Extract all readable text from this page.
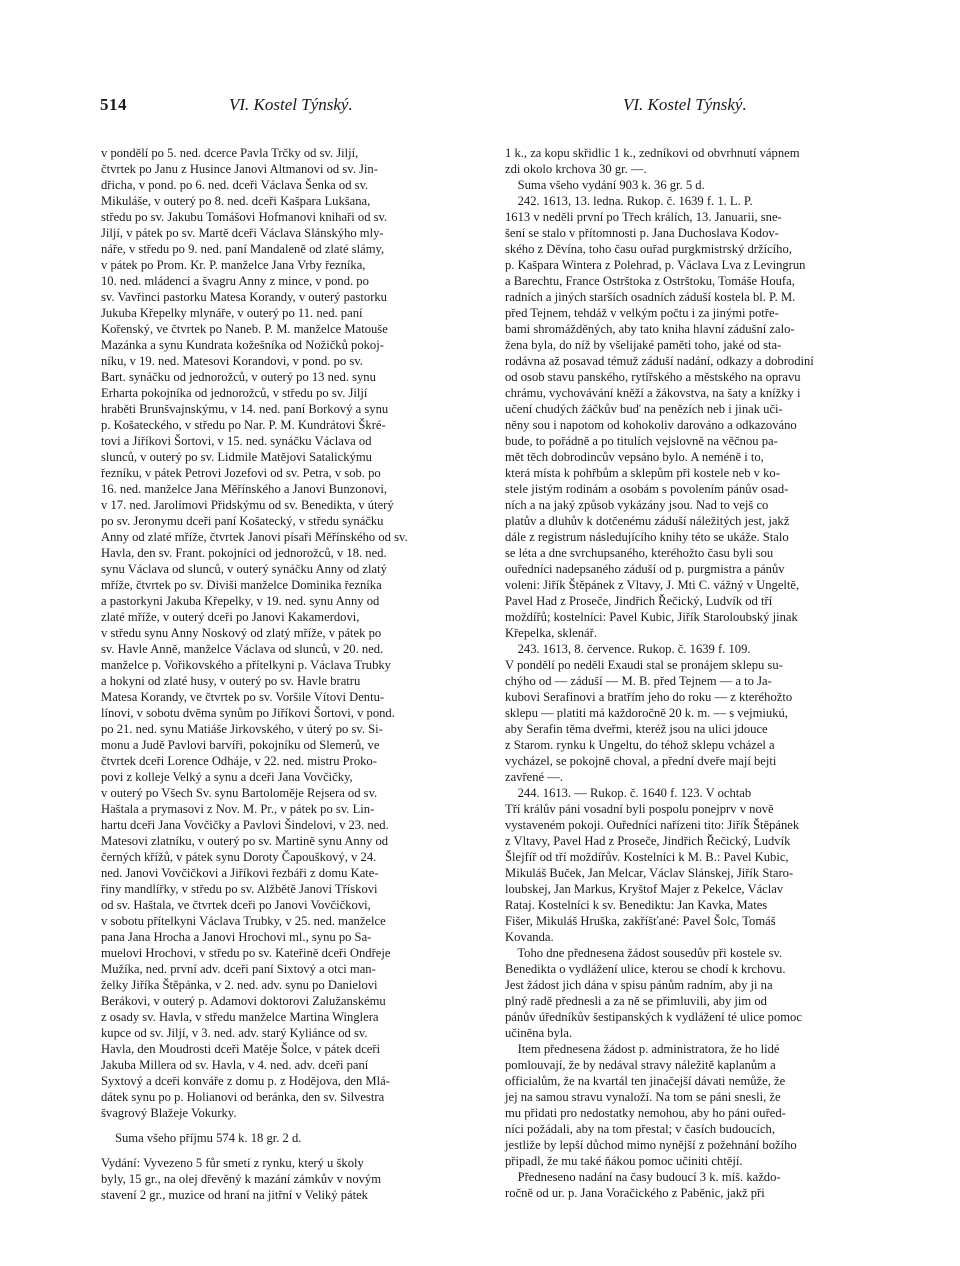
514	VI. Kostel Týnský.	VI. Kostel Týnský.
v pondělí po 5. ned. dcerce Pavla Trčky od sv. Jiljí,
čtvrtek po Janu z Husince Janovi Altmanovi od sv. Jin-
dřicha, v pond. po 6. ned. dceři Václava Šenka od sv.
Mikuláše, v outerý po 8. ned. dceři Kašpara Lukšana,
středu po sv. Jakubu Tomášovi Hofmanovi knihaři od sv.
Jiljí, v pátek po sv. Martě dceři Václava Slánskýho mly-
náře, v středu po 9. ned. paní Mandaleně od zlaté slámy,
v pátek po Prom. Kr. P. manželce Jana Vrby řezníka,
10. ned. mládenci a švagru Anny z mince, v pond. po
sv. Vavřinci pastorku Matesa Korandy, v outerý pastorku
Jukuba Křepelky mlynáře, v outerý po 11. ned. paní
Kořenský, ve čtvrtek po Naneb. P. M. manželce Matouše
Mazánka a synu Kundrata kožešníka od Nožičků pokoj-
níku, v 19. ned. Matesovi Korandovi, v pond. po sv.
Bart. synáčku od jednorožců, v outerý po 13 ned. synu
Erharta pokojníka od jednorožců, v středu po sv. Jiljí
hraběti Brunšvajnskýmu, v 14. ned. paní Borkový a synu
p. Košateckého, v středu po Nar. P. M. Kundrátovi Škré-
tovi a Jiříkovi Šortovi, v 15. ned. synáčku Václava od
slunců, v outerý po sv. Lidmile Matějovi Satalickýmu
řezníku, v pátek Petrovi Jozefovi od sv. Petra, v sob. po
16. ned. manželce Jana Měřínského a Janovi Bunzonovi,
v 17. ned. Jarolímovi Přidskýmu od sv. Benedikta, v úterý
po sv. Jeronymu dceři paní Košatecký, v středu synáčku
Anny od zlaté mříže, čtvrtek Janovi písaři Měřínského od sv.
Havla, den sv. Frant. pokojníci od jednorožců, v 18. ned.
synu Václava od slunců, v outerý synáčku Anny od zlatý
mříže, čtvrtek po sv. Diviši manželce Dominika řezníka
a pastorkyni Jakuba Křepelky, v 19. ned. synu Anny od
zlaté mříže, v outerý dceři po Janovi Kakamerdovi,
v středu synu Anny Noskový od zlatý mříže, v pátek po
sv. Havle Anně, manželce Václava od slunců, v 20. ned.
manželce p. Vořikovského a přítelkyni p. Václava Trubky
a hokyni od zlaté husy, v outerý po sv. Havle bratru
Matesa Korandy, ve čtvrtek po sv. Voršile Vítovi Dentu-
línovi, v sobotu dvěma synům po Jiříkovi Šortovi, v pond.
po 21. ned. synu Matiáše Jirkovského, v úterý po sv. Si-
monu a Judě Pavlovi barvíři, pokojníku od Slemerů, ve
čtvrtek dceři Lorence Odháje, v 22. ned. mistru Proko-
povi z kolleje Velký a synu a dceři Jana Vovčičky,
v outerý po Všech Sv. synu Bartoloměje Rejsera od sv.
Haštala a prymasovi z Nov. M. Pr., v pátek po sv. Lin-
hartu dceři Jana Vovčičky a Pavlovi Šindelovi, v 23. ned.
Matesovi zlatníku, v outerý po sv. Martině synu Anny od
černých křížů, v pátek synu Doroty Čapouškový, v 24.
ned. Janovi Vovčičkovi a Jiříkovi řezbáři z domu Kate-
řiny mandlířky, v středu po sv. Alžbětě Janovi Třískovi
od sv. Haštala, ve čtvrtek dceři po Janovi Vovčičkovi,
v sobotu přítelkyni Václava Trubky, v 25. ned. manželce
pana Jana Hrocha a Janovi Hrochovi ml., synu po Sa-
muelovi Hrochovi, v středu po sv. Kateřině dceři Ondřeje
Mužíka, ned. první adv. dceři paní Sixtový a otci man-
želky Jiříka Štěpánka, v 2. ned. adv. synu po Danielovi
Berákovi, v outerý p. Adamovi doktorovi Zalužanskému
z osady sv. Havla, v středu manželce Martina Winglera
kupce od sv. Jiljí, v 3. ned. adv. starý Kyliánce od sv.
Havla, den Moudrosti dceři Matěje Šolce, v pátek dceři
Jakuba Millera od sv. Havla, v 4. ned. adv. dceři paní
Syxtový a dceři konváře z domu p. z Hodějova, den Mlá-
dátek synu po p. Holianovi od beránka, den sv. Silvestra
švagrový Blažeje Vokurky.
Suma všeho příjmu 574 k. 18 gr. 2 d.
Vydání: Vyvezeno 5 fůr smetí z rynku, který u školy
byly, 15 gr., na olej dřevěný k mazání zámkův v novým
stavení 2 gr., muzice od hraní na jitřní v Veliký pátek
1 k., za kopu skřidlic 1 k., zedníkovi od obvrhnutí vápnem
zdi okolo krchova 30 gr. —.
Suma všeho vydání 903 k. 36 gr. 5 d.
242. 1613, 13. ledna. Rukop. č. 1639 f. 1. L. P.
1613 v neděli první po Třech králích, 13. Januarii, sne-
šení se stalo v přítomnosti p. Jana Duchoslava Kodov-
ského z Děvína, toho času ouřad purgkmistrský držícího,
p. Kašpara Wintera z Polehrad, p. Václava Lva z Levingrun
a Barechtu, France Ostrštoka z Ostrštoku, Tomáše Houfa,
radních a jiných starších osadních záduší kostela bl. P. M.
před Tejnem, tehdáž v velkým počtu i za jinými potře-
bami shromážděných, aby tato kniha hlavní zádušní zalo-
žena byla, do níž by všelijaké paměti toho, jaké od sta-
rodávna až posavad témuž záduší nadání, odkazy a dobrodiní
od osob stavu panského, rytířského a městského na opravu
chrámu, vychovávání kněží a žákovstva, na šaty a knížky i
učení chudých žáčkův buď na penězích neb i jinak uči-
něny sou i napotom od kohokoliv darováno a odkazováno
bude, to pořádně a po titulích vejslovně na věčnou pa-
mět těch dobrodincův vepsáno bylo. A neméně i to,
která místa k pohřbům a sklepům při kostele neb v ko-
stele jistým rodinám a osobám s povolením pánův osad-
ních a na jaký způsob vykázány jsou. Nad to vejš co
platův a dluhův k dotčenému záduší náležitých jest, jakž
dále z registrum následujícího knihy této se ukáže. Stalo
se léta a dne svrchupsaného, kteréhožto času byli sou
ouředníci nadepsaného záduší od p. purgmistra a pánův
voleni: Jiřík Štěpánek z Vltavy, J. Mti C. vážný v Ungeltě,
Pavel Had z Proseče, Jindřich Řečický, Ludvík od tří
moždířů; kostelníci: Pavel Kubic, Jiřík Staroloubský jinak
Křepelka, sklenář.
243. 1613, 8. července. Rukop. č. 1639 f. 109.
V pondělí po neděli Exaudi stal se pronájem sklepu su-
chýho od — záduší — M. B. před Tejnem — a to Ja-
kubovi Serafinovi a bratřím jeho do roku — z kteréhožto
sklepu — platiti má každoročně 20 k. m. — s vejmiukú,
aby Serafin těma dveřmi, kteréž jsou na ulici jdouce
z Starom. rynku k Ungeltu, do téhož sklepu vcházel a
vycházel, se pokojně choval, a přední dveře mají bejti
zavřené —.
244. 1613. — Rukop. č. 1640 f. 123. V ochtab
Tří králův páni vosadní byli pospolu ponejprv v nově
vystaveném pokoji. Ouředníci nařízeni tito: Jiřík Štěpánek
z Vltavy, Pavel Had z Proseče, Jindřich Řečický, Ludvík
Šlejfíř od tří moždířův. Kostelníci k M. B.: Pavel Kubic,
Mikuláš Buček, Jan Melcar, Václav Slánskej, Jiřík Staro-
loubskej, Jan Markus, Kryštof Majer z Pekelce, Václav
Rataj. Kostelníci k sv. Benediktu: Jan Kavka, Mates
Fišer, Mikuláš Hruška, zakříšťané: Pavel Šolc, Tomáš
Kovanda.
Toho dne přednesena žádost sousedův při kostele sv.
Benedikta o vydlážení ulice, kterou se chodí k krchovu.
Jest žádost jich dána v spisu pánům radním, aby ji na
plný radě přednesli a za ně se přimluvili, aby jim od
pánův úředníkův šestipanských k vydlážení té ulice pomoc
učiněna byla.
Item přednesena žádost p. administratora, že ho lidé
pomlouvají, že by nedával stravy náležitě kaplanům a
officialům, že na kvartál ten jinačejší dávati nemůže, že
jej na samou stravu vynaloží. Na tom se páni snesli, že
mu přidati pro nedostatky nemohou, aby ho páni ouřed-
níci požádali, aby na tom přestal; v časích budoucích,
jestliže by lepší důchod mimo nynější z požehnání božího
připadl, že mu také ňákou pomoc učiniti chtějí.
Předneseno nadání na časy budoucí 3 k. míš. každo-
ročně od ur. p. Jana Voračického z Paběnic, jakž při
